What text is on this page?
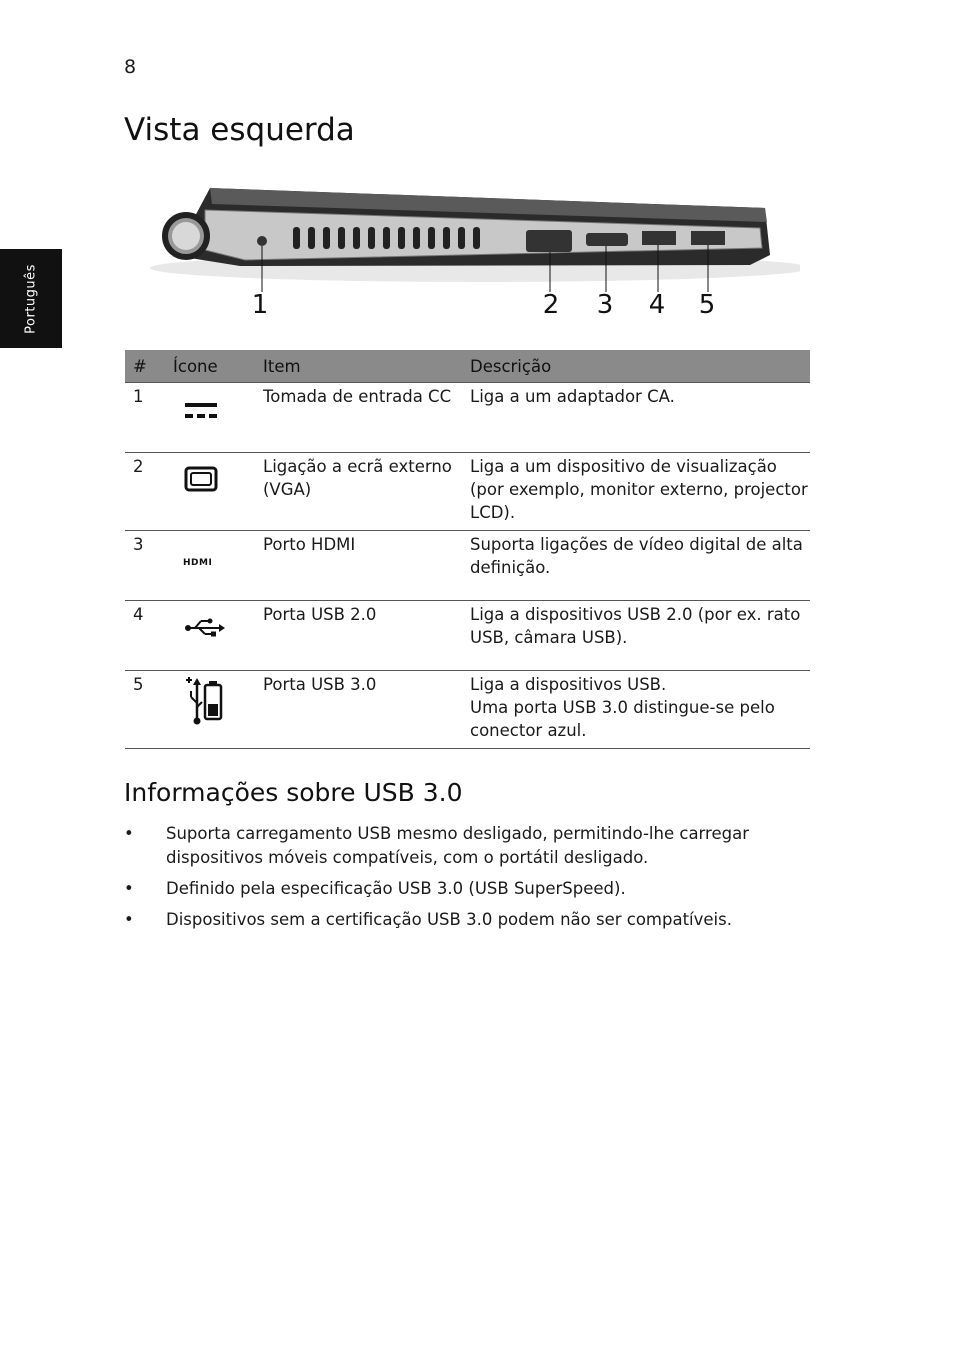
8
Português
Vista esquerda
1	2 3 4 5
#	Ícone	Item	Descrição
1		Tomada de entrada CC	Liga a um adaptador CA.
2		Ligação a ecrã externo (VGA)	Liga a um dispositivo de visualização (por exemplo, monitor externo, projector LCD).
3	HDMI	Porto HDMI	Suporta ligações de vídeo digital de alta definição.
4		Porta USB 2.0	Liga a dispositivos USB 2.0 (por ex. rato USB, câmara USB).
5		Porta USB 3.0	Liga a dispositivos USB.
Uma porta USB 3.0 distingue-se pelo conector azul.
Informações sobre USB 3.0
• Suporta carregamento USB mesmo desligado, permitindo-lhe carregar dispositivos móveis compatíveis, com o portátil desligado.
• Definido pela especificação USB 3.0 (USB SuperSpeed).
• Dispositivos sem a certificação USB 3.0 podem não ser compatíveis.
